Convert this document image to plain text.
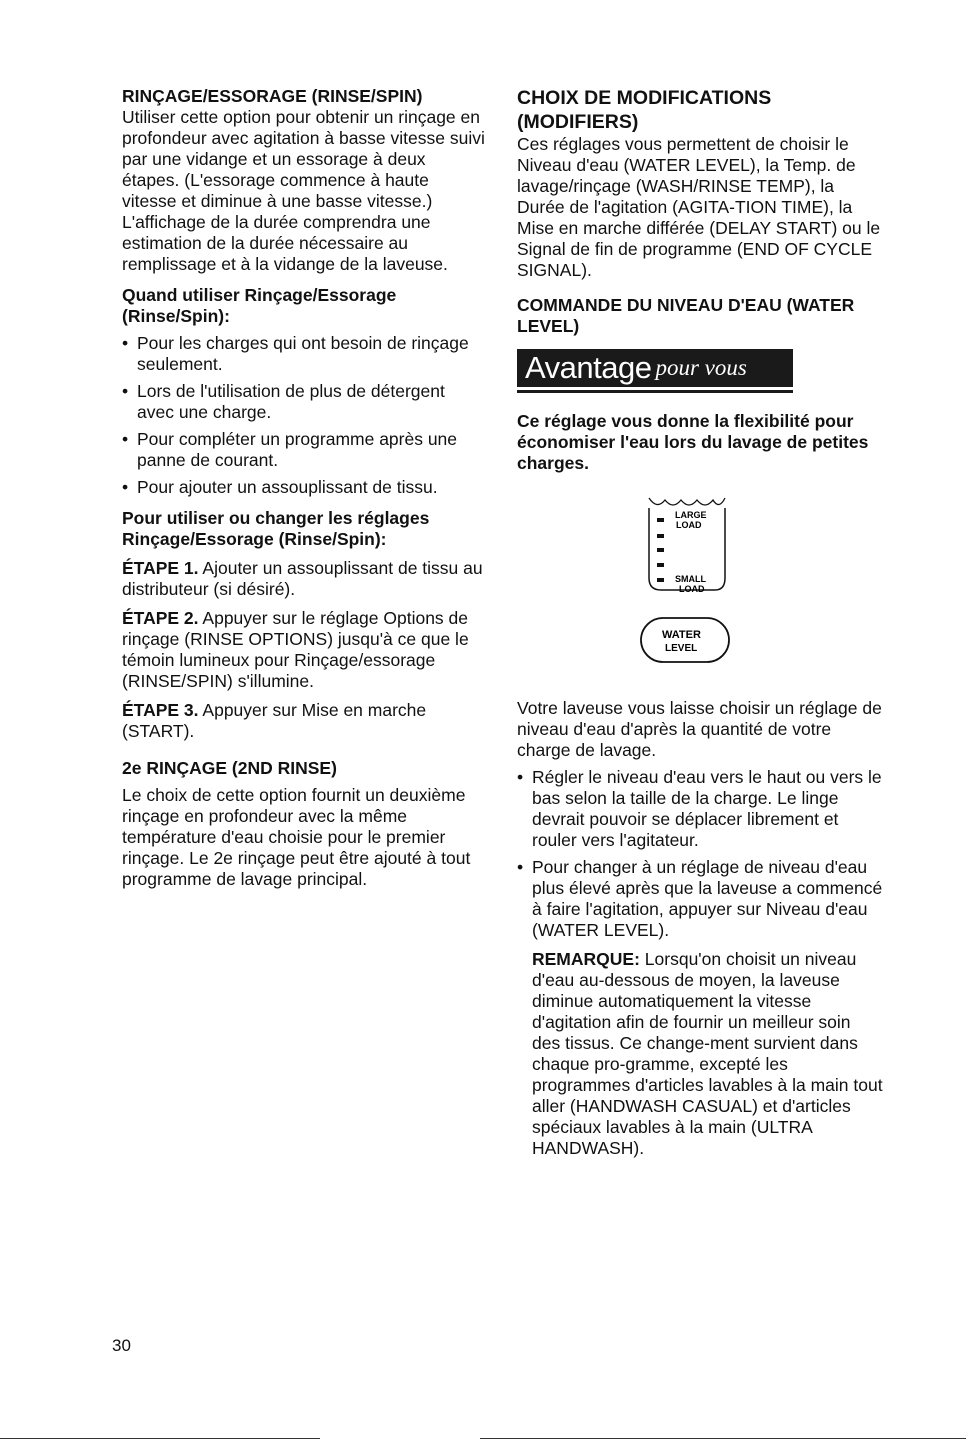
RINÇAGE/ESSORAGE (RINSE/SPIN)

Utiliser cette option pour obtenir un rinçage en profondeur avec agitation à basse vitesse suivi par une vidange et un essorage à deux étapes. (L'essorage commence à haute vitesse et diminue à une basse vitesse.) L'affichage de la durée comprendra une estimation de la durée nécessaire au remplissage et à la vidange de la laveuse.

Quand utiliser Rinçage/Essorage (Rinse/Spin):

• Pour les charges qui ont besoin de rinçage seulement.
• Lors de l'utilisation de plus de détergent avec une charge.
• Pour compléter un programme après une panne de courant.
• Pour ajouter un assouplissant de tissu.

Pour utiliser ou changer les réglages Rinçage/Essorage (Rinse/Spin):

ÉTAPE 1. Ajouter un assouplissant de tissu au distributeur (si désiré).

ÉTAPE 2. Appuyer sur le réglage Options de rinçage (RINSE OPTIONS) jusqu'à ce que le témoin lumineux pour Rinçage/essorage (RINSE/SPIN) s'illumine.

ÉTAPE 3. Appuyer sur Mise en marche (START).

2e RINÇAGE (2ND RINSE)

Le choix de cette option fournit un deuxième rinçage en profondeur avec la même température d'eau choisie pour le premier rinçage. Le 2e rinçage peut être ajouté à tout programme de lavage principal.

CHOIX DE MODIFICATIONS (MODIFIERS)

Ces réglages vous permettent de choisir le Niveau d'eau (WATER LEVEL), la Temp. de lavage/rinçage (WASH/RINSE TEMP), la Durée de l'agitation (AGITA-TION TIME), la Mise en marche différée (DELAY START) ou le Signal de fin de programme (END OF CYCLE SIGNAL).

COMMANDE DU NIVEAU D'EAU (WATER LEVEL)

Avantage pour vous

Ce réglage vous donne la flexibilité pour économiser l'eau lors du lavage de petites charges.

LARGE
LOAD
SMALL
LOAD
WATER
LEVEL

Votre laveuse vous laisse choisir un réglage de niveau d'eau d'après la quantité de votre charge de lavage.

• Régler le niveau d'eau vers le haut ou vers le bas selon la taille de la charge. Le linge devrait pouvoir se déplacer librement et rouler vers l'agitateur.
• Pour changer à un réglage de niveau d'eau plus élevé après que la laveuse a commencé à faire l'agitation, appuyer sur Niveau d'eau (WATER LEVEL).

REMARQUE: Lorsqu'on choisit un niveau d'eau au-dessous de moyen, la laveuse diminue automatiquement la vitesse d'agitation afin de fournir un meilleur soin des tissus. Ce change-ment survient dans chaque pro-gramme, excepté les programmes d'articles lavables à la main tout aller (HANDWASH CASUAL) et d'articles spéciaux lavables à la main (ULTRA HANDWASH).

30
